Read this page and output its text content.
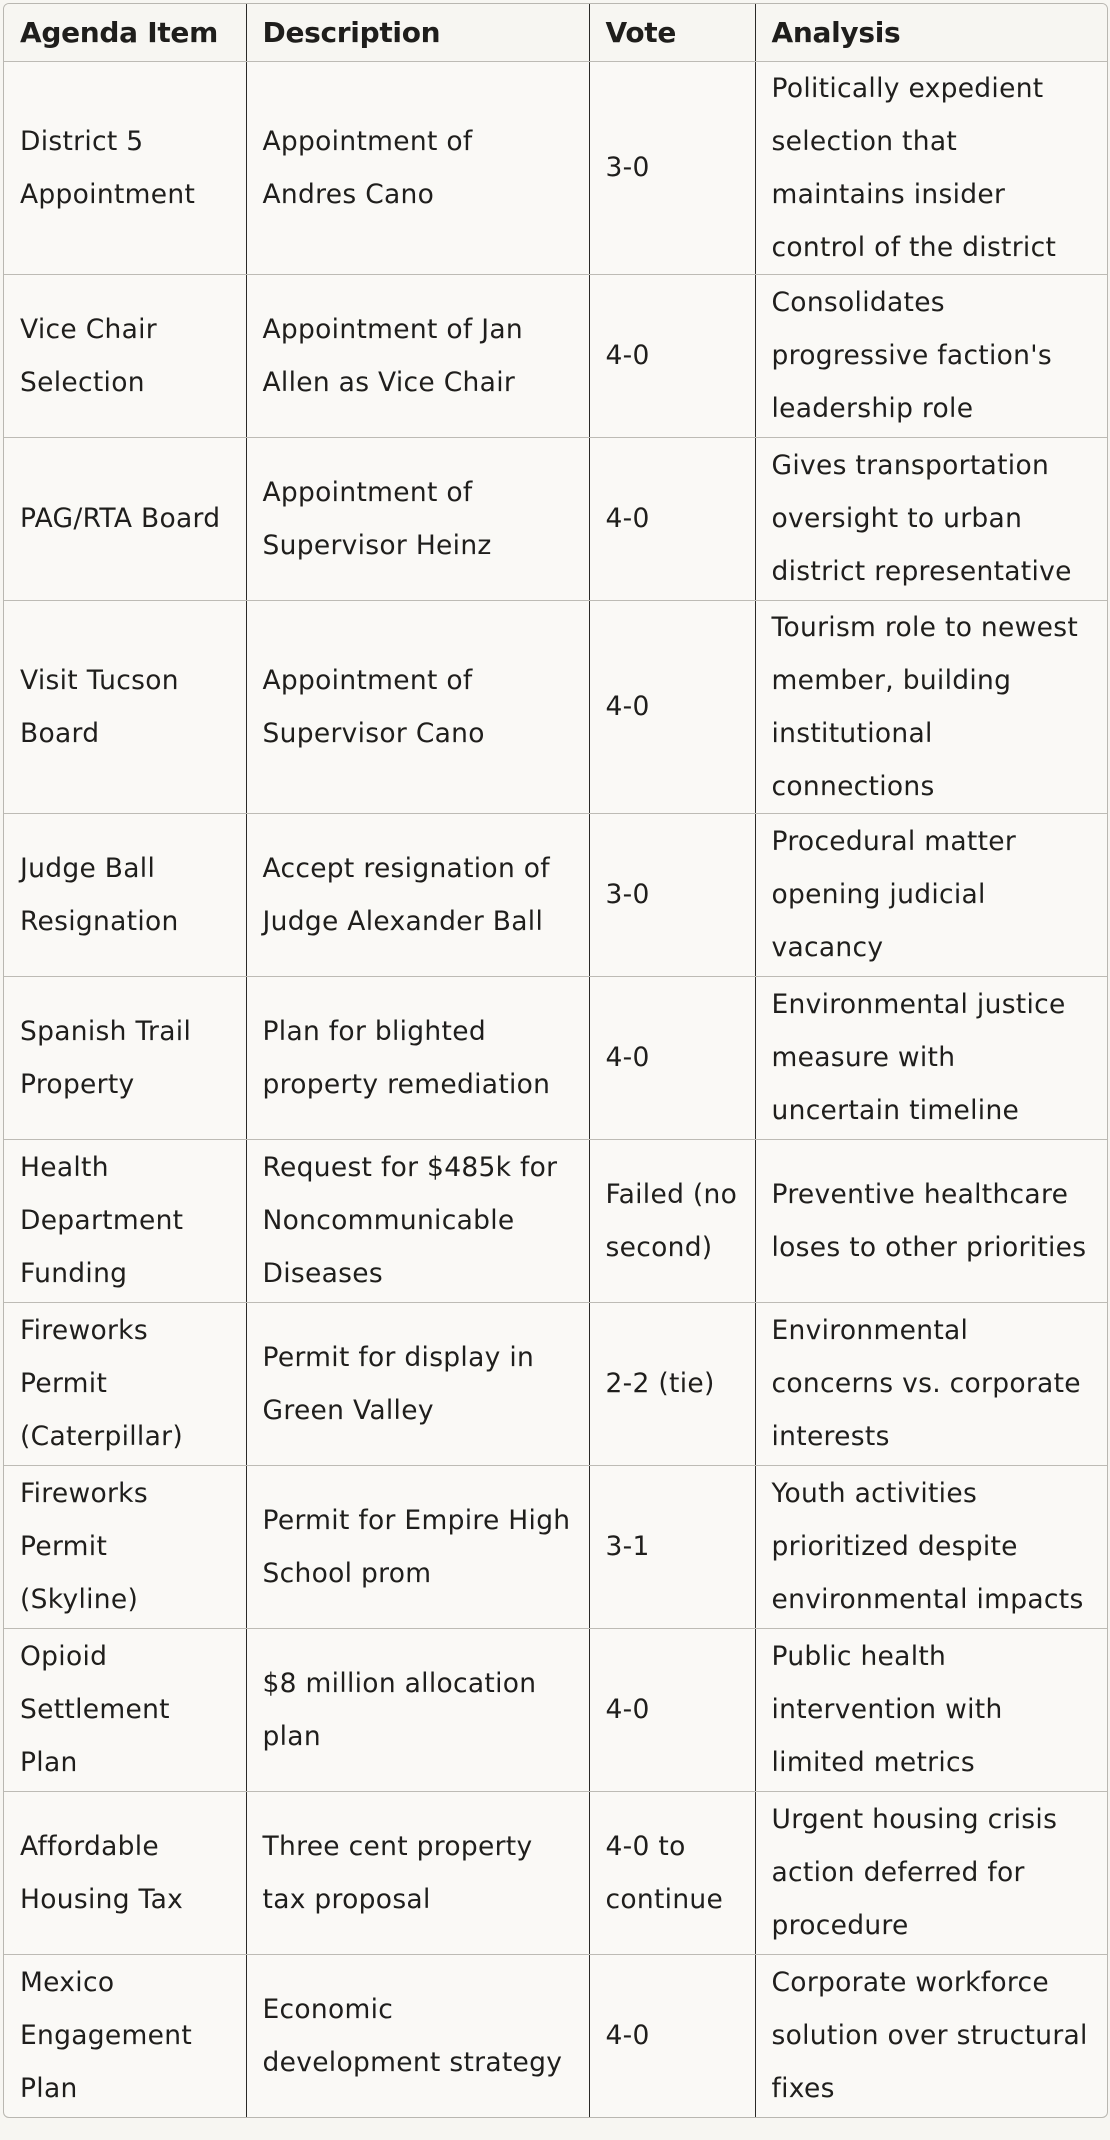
Agenda Item	Description	Vote	Analysis
District 5 Appointment	Appointment of Andres Cano	3-0	Politically expedient selection that maintains insider control of the district
Vice Chair Selection	Appointment of Jan Allen as Vice Chair	4-0	Consolidates progressive faction's leadership role
PAG/RTA Board	Appointment of Supervisor Heinz	4-0	Gives transportation oversight to urban district representative
Visit Tucson Board	Appointment of Supervisor Cano	4-0	Tourism role to newest member, building institutional connections
Judge Ball Resignation	Accept resignation of Judge Alexander Ball	3-0	Procedural matter opening judicial vacancy
Spanish Trail Property	Plan for blighted property remediation	4-0	Environmental justice measure with uncertain timeline
Health Department Funding	Request for $485k for Noncommunicable Diseases	Failed (no second)	Preventive healthcare loses to other priorities
Fireworks Permit (Caterpillar)	Permit for display in Green Valley	2-2 (tie)	Environmental concerns vs. corporate interests
Fireworks Permit (Skyline)	Permit for Empire High School prom	3-1	Youth activities prioritized despite environmental impacts
Opioid Settlement Plan	$8 million allocation plan	4-0	Public health intervention with limited metrics
Affordable Housing Tax	Three cent property tax proposal	4-0 to continue	Urgent housing crisis action deferred for procedure
Mexico Engagement Plan	Economic development strategy	4-0	Corporate workforce solution over structural fixes
